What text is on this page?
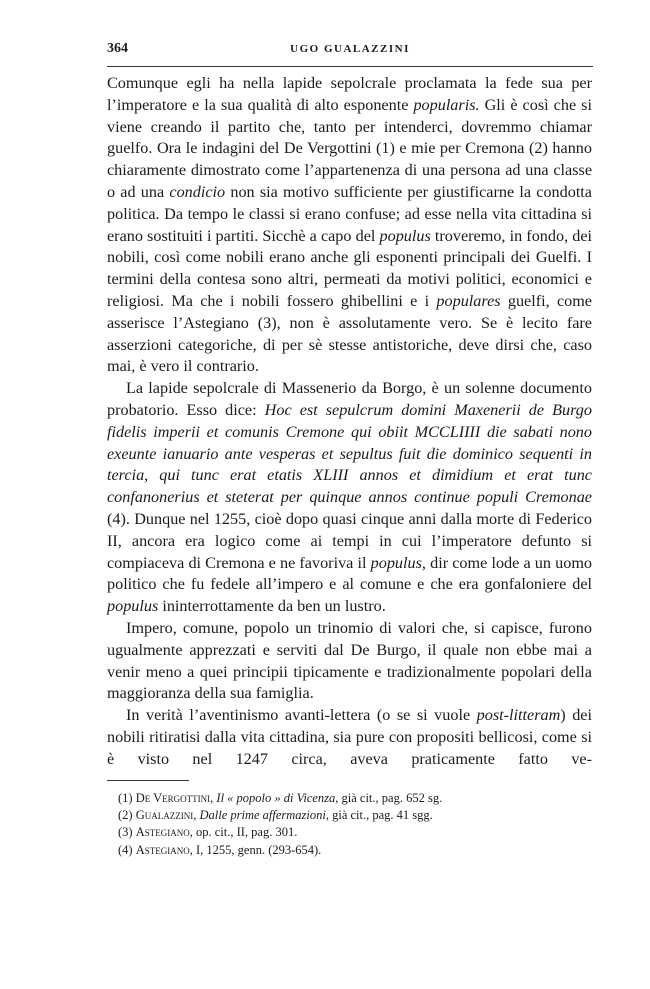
364	UGO GUALAZZINI

Comunque egli ha nella lapide sepolcrale proclamata la fede sua per l’imperatore e la sua qualità di alto esponente popularis. Gli è così che si viene creando il partito che, tanto per intenderci, dovremmo chiamar guelfo. Ora le indagini del De Vergottini (1) e mie per Cremona (2) hanno chiaramente dimostrato come l’appartenenza di una persona ad una classe o ad una condicio non sia motivo sufficiente per giustificarne la condotta politica. Da tempo le classi si erano confuse; ad esse nella vita cittadina si erano sostituiti i partiti. Sicchè a capo del populus troveremo, in fondo, dei nobili, così come nobili erano anche gli esponenti principali dei Guelfi. I termini della contesa sono altri, permeati da motivi politici, economici e religiosi. Ma che i nobili fossero ghibellini e i populares guelfi, come asserisce l’Astegiano (3), non è assolutamente vero. Se è lecito fare asserzioni categoriche, di per sè stesse antistoriche, deve dirsi che, caso mai, è vero il contrario.

La lapide sepolcrale di Massenerio da Borgo, è un solenne documento probatorio. Esso dice: Hoc est sepulcrum domini Maxenerii de Burgo fidelis imperii et comunis Cremone qui obiit MCCLIIII die sabati nono exeunte ianuario ante vesperas et sepultus fuit die dominico sequenti in tercia, qui tunc erat etatis XLIII annos et dimidium et erat tunc confanonerius et steterat per quinque annos continue populi Cremonae (4). Dunque nel 1255, cioè dopo quasi cinque anni dalla morte di Federico II, ancora era logico come ai tempi in cui l’imperatore defunto si compiaceva di Cremona e ne favoriva il populus, dir come lode a un uomo politico che fu fedele all’impero e al comune e che era gonfaloniere del populus ininterrottamente da ben un lustro.

Impero, comune, popolo un trinomio di valori che, si capisce, furono ugualmente apprezzati e serviti dal De Burgo, il quale non ebbe mai a venir meno a quei principii tipicamente e tradizionalmente popolari della maggioranza della sua famiglia.

In verità l’aventinismo avanti-lettera (o se si vuole post-litteram) dei nobili ritiratisi dalla vita cittadina, sia pure con propositi bellicosi, come si è visto nel 1247 circa, aveva praticamente fatto ve-

(1) De Vergottini, Il « popolo » di Vicenza, già cit., pag. 652 sg.
(2) Gualazzini, Dalle prime affermazioni, già cit., pag. 41 sgg.
(3) Astegiano, op. cit., II, pag. 301.
(4) Astegiano, I, 1255, genn. (293-654).
